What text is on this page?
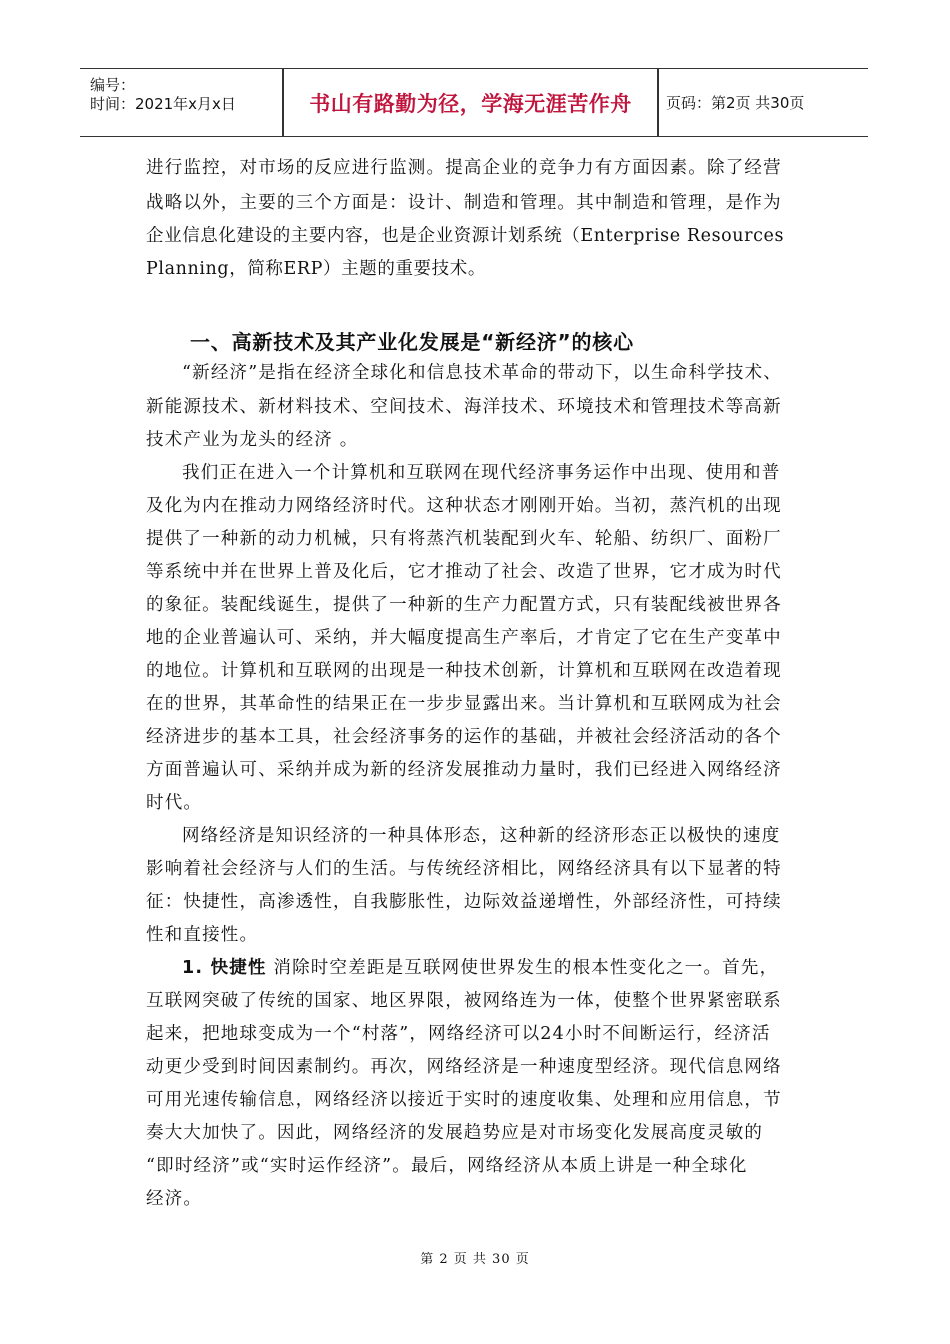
编号：
时间：2021年x月x日	书山有路勤为径，学海无涯苦作舟	页码：第2页 共30页
进行监控，对市场的反应进行监测。提高企业的竞争力有方面因素。除了经营
战略以外，主要的三个方面是：设计、制造和管理。其中制造和管理，是作为
企业信息化建设的主要内容，也是企业资源计划系统（Enterprise Resources
Planning，简称ERP）主题的重要技术。
一、高新技术及其产业化发展是“新经济”的核心
“新经济”是指在经济全球化和信息技术革命的带动下，以生命科学技术、
新能源技术、新材料技术、空间技术、海洋技术、环境技术和管理技术等高新
技术产业为龙头的经济 。
我们正在进入一个计算机和互联网在现代经济事务运作中出现、使用和普
及化为内在推动力网络经济时代。这种状态才刚刚开始。当初，蒸汽机的出现
提供了一种新的动力机械，只有将蒸汽机装配到火车、轮船、纺织厂、面粉厂
等系统中并在世界上普及化后，它才推动了社会、改造了世界，它才成为时代
的象征。装配线诞生，提供了一种新的生产力配置方式，只有装配线被世界各
地的企业普遍认可、采纳，并大幅度提高生产率后，才肯定了它在生产变革中
的地位。计算机和互联网的出现是一种技术创新，计算机和互联网在改造着现
在的世界，其革命性的结果正在一步步显露出来。当计算机和互联网成为社会
经济进步的基本工具，社会经济事务的运作的基础，并被社会经济活动的各个
方面普遍认可、采纳并成为新的经济发展推动力量时，我们已经进入网络经济
时代。
网络经济是知识经济的一种具体形态，这种新的经济形态正以极快的速度
影响着社会经济与人们的生活。与传统经济相比，网络经济具有以下显著的特
征：快捷性，高渗透性，自我膨胀性，边际效益递增性，外部经济性，可持续
性和直接性。
1. 快捷性 消除时空差距是互联网使世界发生的根本性变化之一。首先，
互联网突破了传统的国家、地区界限，被网络连为一体，使整个世界紧密联系
起来，把地球变成为一个“村落”，网络经济可以24小时不间断运行，经济活
动更少受到时间因素制约。再次，网络经济是一种速度型经济。现代信息网络
可用光速传输信息，网络经济以接近于实时的速度收集、处理和应用信息，节
奏大大加快了。因此，网络经济的发展趋势应是对市场变化发展高度灵敏的
“即时经济”或“实时运作经济”。最后，网络经济从本质上讲是一种全球化
经济。
第 2 页 共 30 页
